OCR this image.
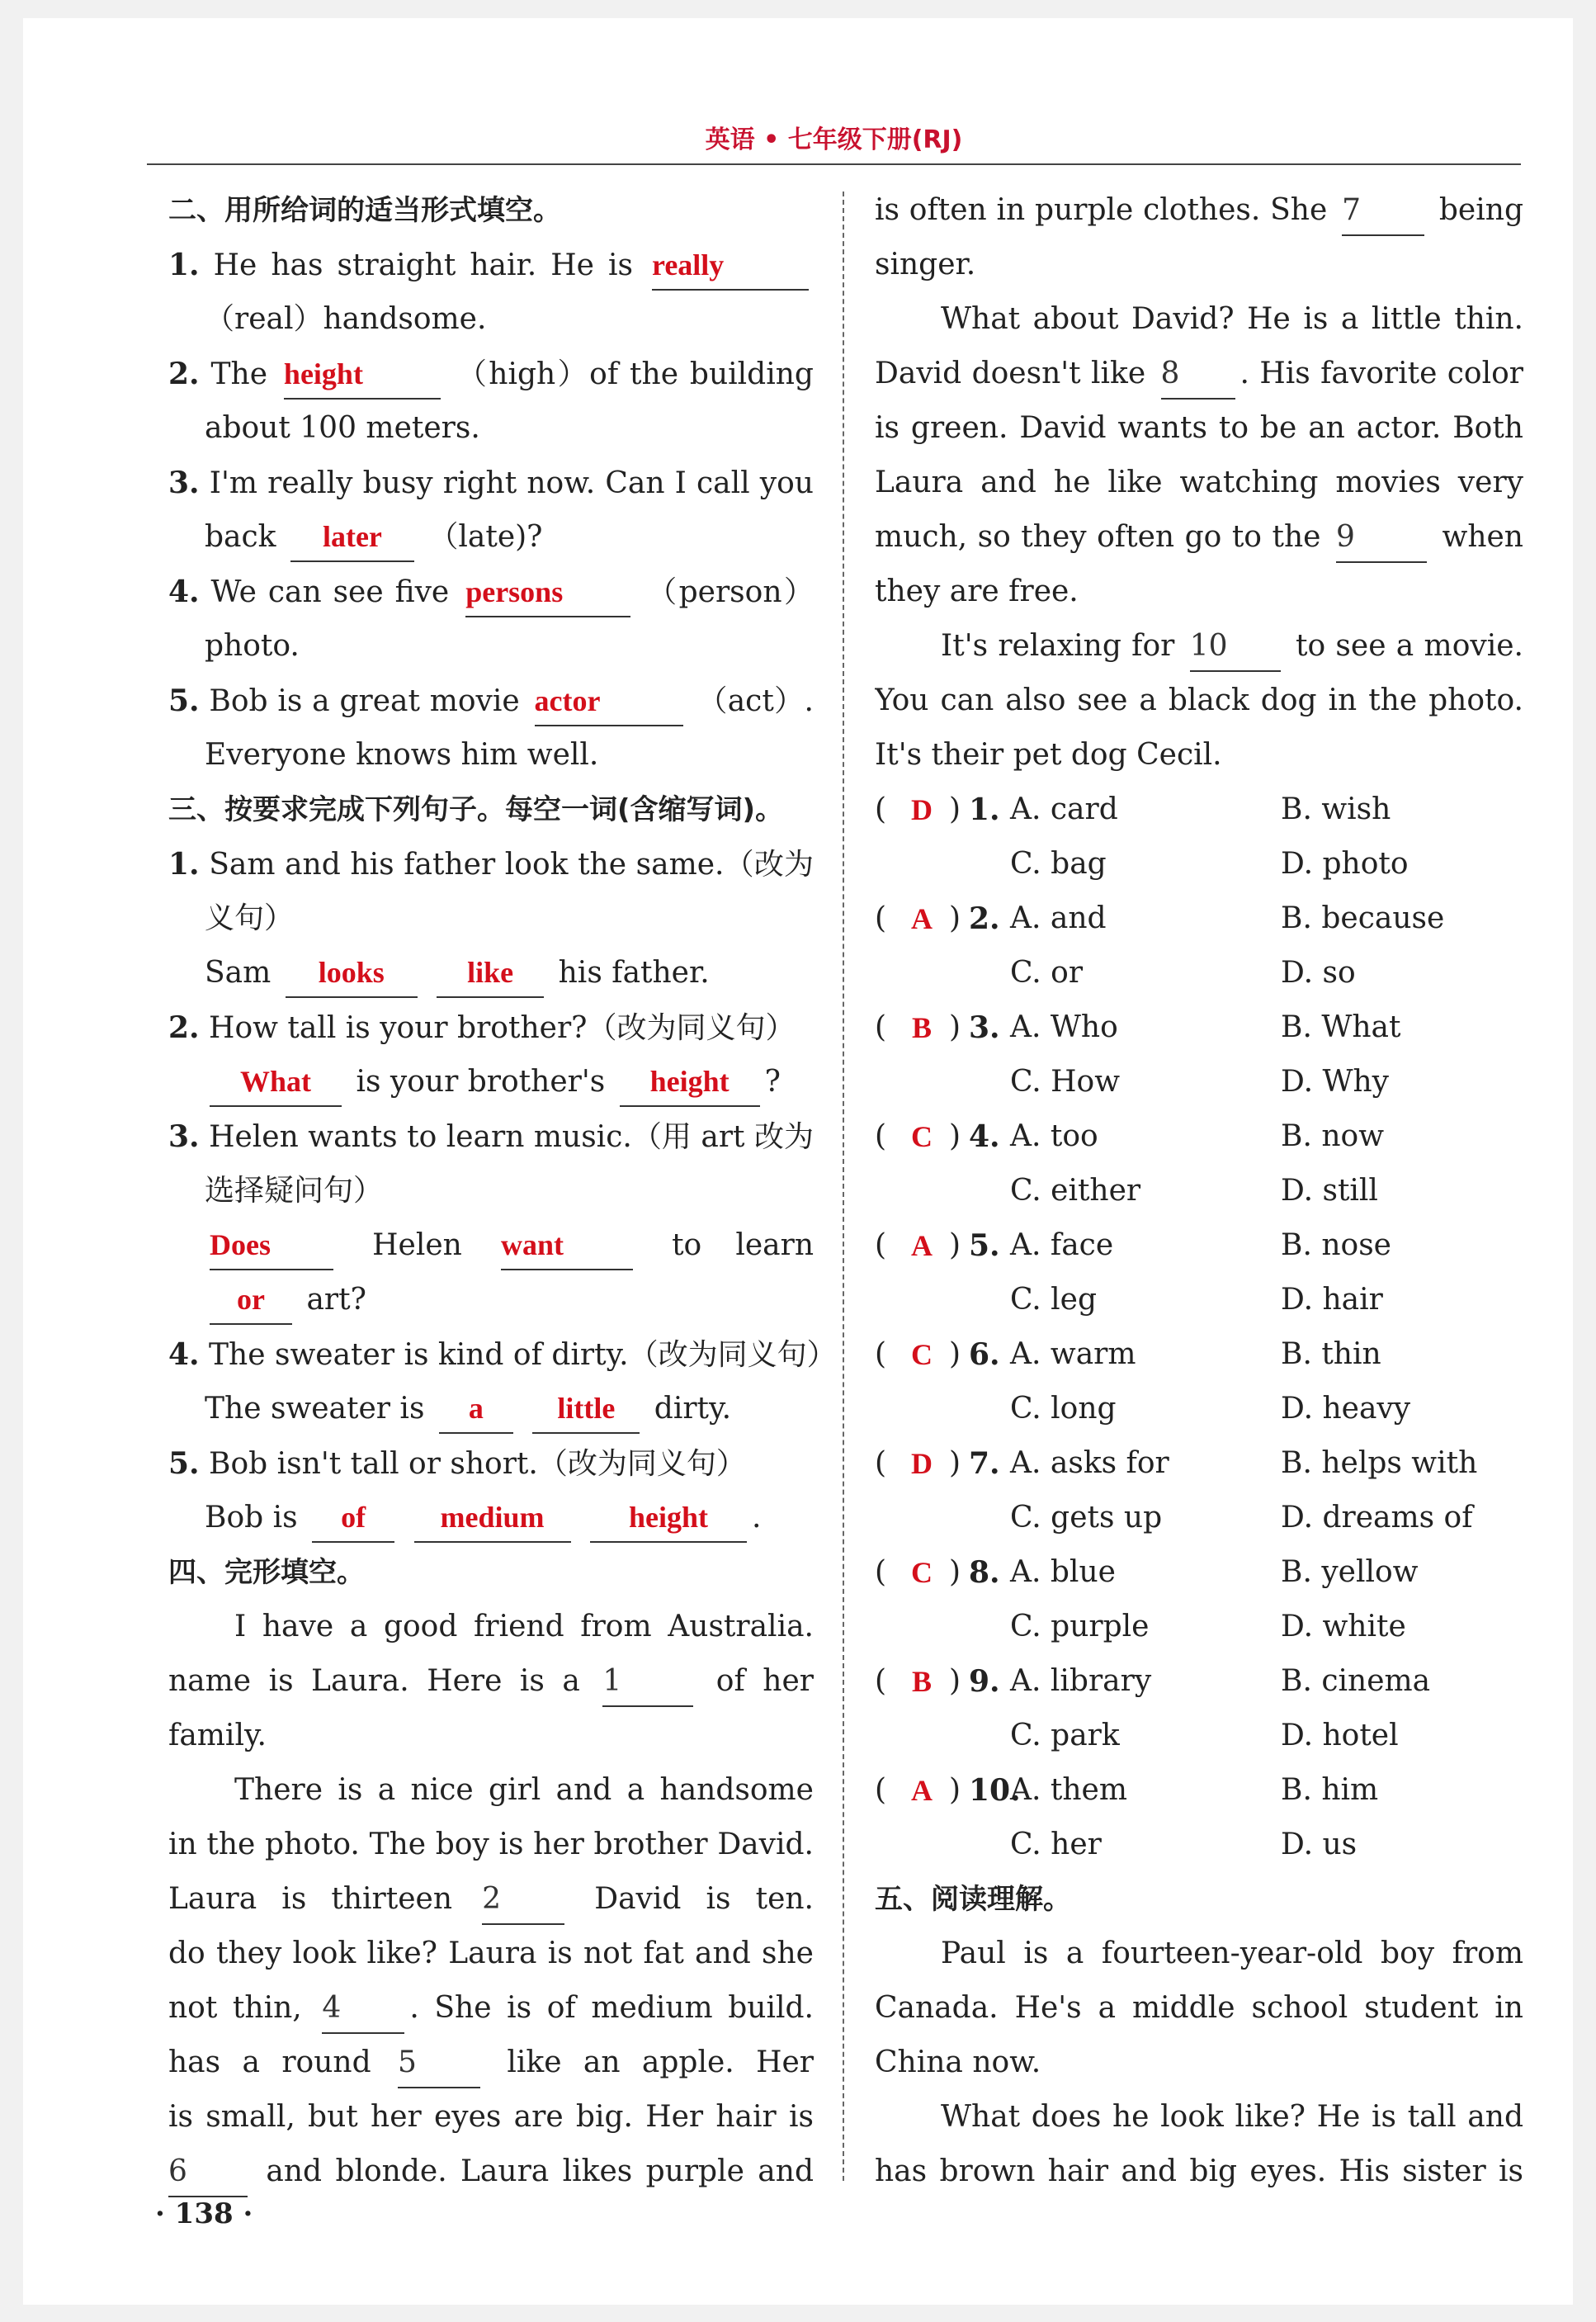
英语 • 七年级下册(RJ)
二、用所给词的适当形式填空。
1. He has straight hair. He is really
（real）handsome.
2. The height	（high）of the building
about 100 meters.
3. I'm really busy right now. Can I call you
back later （late)?
4. We can see five persons	（person）
photo.
5. Bob is a great movie actor	（act）.
Everyone knows him well.
三、按要求完成下列句子。每空一词(含缩写词)。
1. Sam and his father look the same.（改为
义句）
Sam looks	like his father.
2. How tall is your brother?（改为同义句）
What is your brother's height ?
3. Helen wants to learn music.（用 art 改为
选择疑问句）
Does	Helen want	to learn
or art?
4. The sweater is kind of dirty.（改为同义句）
The sweater is a little dirty.
5. Bob isn't tall or short.（改为同义句）
Bob is of	medium	height .
四、完形填空。
I have a good friend from Australia.
name is Laura. Here is a 1	of her
family.
There is a nice girl and a handsome
in the photo. The boy is her brother David.
Laura is thirteen 2	David is ten.
do they look like? Laura is not fat and she
not thin, 4 . She is of medium build.
has a round 5	like an apple. Her
is small, but her eyes are big. Her hair is
6	and blonde. Laura likes purple and
is often in purple clothes. She 7	being
singer.
What about David? He is a little thin.
David doesn't like 8 . His favorite color
is green. David wants to be an actor. Both
Laura and he like watching movies very
much, so they often go to the 9	when
they are free.
It's relaxing for 10 to see a movie.
You can also see a black dog in the photo.
It's their pet dog Cecil.
( D ) 1. A. card	B. wish
C. bag	D. photo
( A ) 2. A. and	B. because
C. or	D. so
( B ) 3. A. Who	B. What
C. How	D. Why
( C ) 4. A. too	B. now
C. either	D. still
( A ) 5. A. face	B. nose
C. leg	D. hair
( C ) 6. A. warm	B. thin
C. long	D. heavy
( D ) 7. A. asks for	B. helps with
C. gets up	D. dreams of
( C ) 8. A. blue	B. yellow
C. purple	D. white
( B ) 9. A. library	B. cinema
C. park	D. hotel
( A ) 10.
A. them	B. him
C. her	D. us
五、阅读理解。
Paul is a fourteen-year-old boy from
Canada. He's a middle school student in
China now.
What does he look like? He is tall and
has brown hair and big eyes. His sister is
· 138 ·
